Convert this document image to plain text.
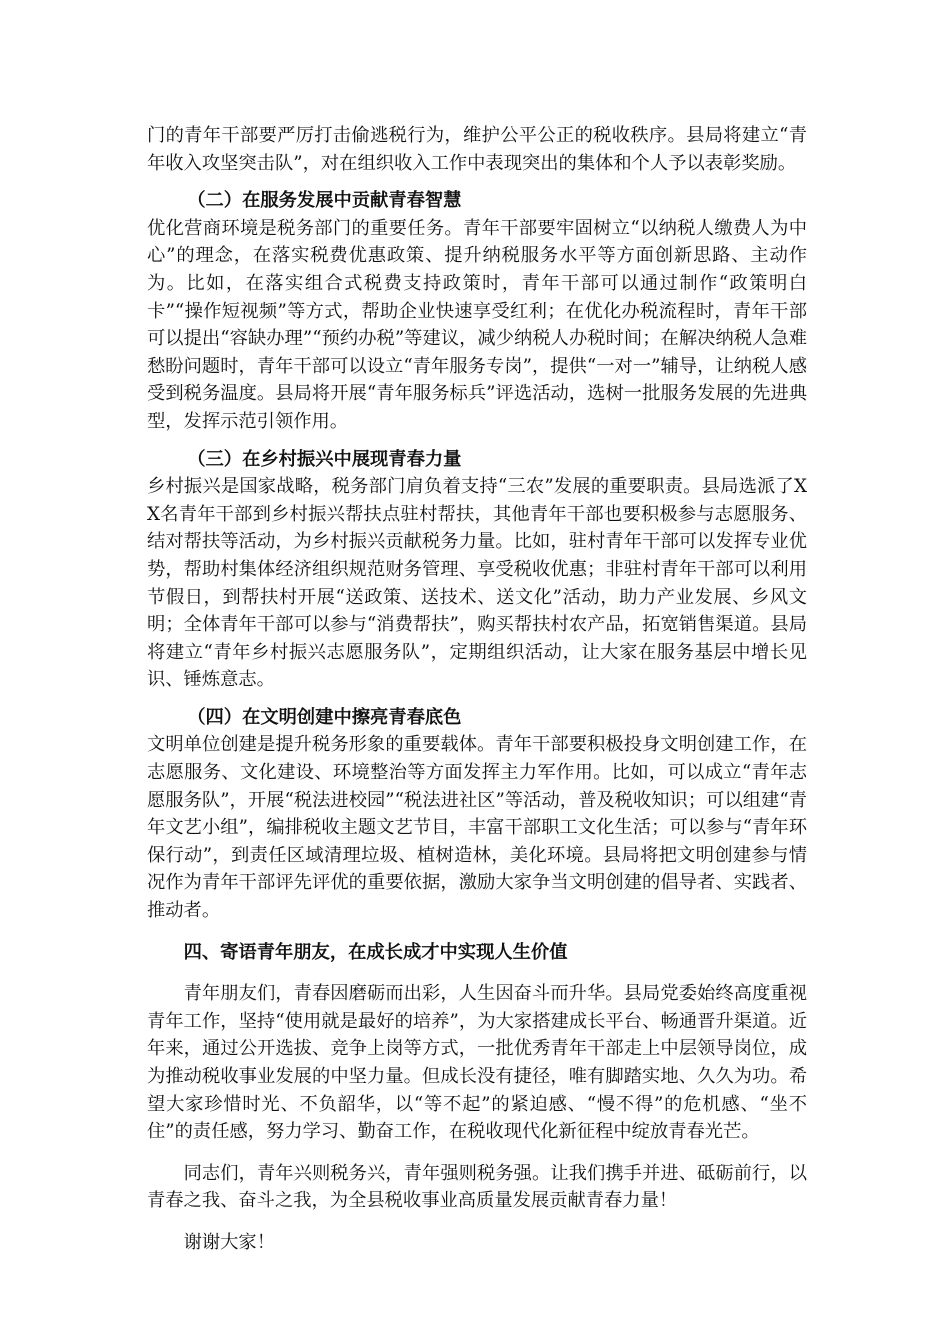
门的青年干部要严厉打击偷逃税行为，维护公平公正的税收秩序。县局将建立“青年收入攻坚突击队”，对在组织收入工作中表现突出的集体和个人予以表彰奖励。

（二）在服务发展中贡献青春智慧

优化营商环境是税务部门的重要任务。青年干部要牢固树立“以纳税人缴费人为中心”的理念，在落实税费优惠政策、提升纳税服务水平等方面创新思路、主动作为。比如，在落实组合式税费支持政策时，青年干部可以通过制作“政策明白卡”“操作短视频”等方式，帮助企业快速享受红利；在优化办税流程时，青年干部可以提出“容缺办理”“预约办税”等建议，减少纳税人办税时间；在解决纳税人急难愁盼问题时，青年干部可以设立“青年服务专岗”，提供“一对一”辅导，让纳税人感受到税务温度。县局将开展“青年服务标兵”评选活动，选树一批服务发展的先进典型，发挥示范引领作用。

（三）在乡村振兴中展现青春力量

乡村振兴是国家战略，税务部门肩负着支持“三农”发展的重要职责。县局选派了XX名青年干部到乡村振兴帮扶点驻村帮扶，其他青年干部也要积极参与志愿服务、结对帮扶等活动，为乡村振兴贡献税务力量。比如，驻村青年干部可以发挥专业优势，帮助村集体经济组织规范财务管理、享受税收优惠；非驻村青年干部可以利用节假日，到帮扶村开展“送政策、送技术、送文化”活动，助力产业发展、乡风文明；全体青年干部可以参与“消费帮扶”，购买帮扶村农产品，拓宽销售渠道。县局将建立“青年乡村振兴志愿服务队”，定期组织活动，让大家在服务基层中增长见识、锤炼意志。

（四）在文明创建中擦亮青春底色

文明单位创建是提升税务形象的重要载体。青年干部要积极投身文明创建工作，在志愿服务、文化建设、环境整治等方面发挥主力军作用。比如，可以成立“青年志愿服务队”，开展“税法进校园”“税法进社区”等活动，普及税收知识；可以组建“青年文艺小组”，编排税收主题文艺节目，丰富干部职工文化生活；可以参与“青年环保行动”，到责任区域清理垃圾、植树造林，美化环境。县局将把文明创建参与情况作为青年干部评先评优的重要依据，激励大家争当文明创建的倡导者、实践者、推动者。

四、寄语青年朋友，在成长成才中实现人生价值

青年朋友们，青春因磨砺而出彩，人生因奋斗而升华。县局党委始终高度重视青年工作，坚持“使用就是最好的培养”，为大家搭建成长平台、畅通晋升渠道。近年来，通过公开选拔、竞争上岗等方式，一批优秀青年干部走上中层领导岗位，成为推动税收事业发展的中坚力量。但成长没有捷径，唯有脚踏实地、久久为功。希望大家珍惜时光、不负韶华，以“等不起”的紧迫感、“慢不得”的危机感、“坐不住”的责任感，努力学习、勤奋工作，在税收现代化新征程中绽放青春光芒。

同志们，青年兴则税务兴，青年强则税务强。让我们携手并进、砥砺前行，以青春之我、奋斗之我，为全县税收事业高质量发展贡献青春力量！

谢谢大家！
